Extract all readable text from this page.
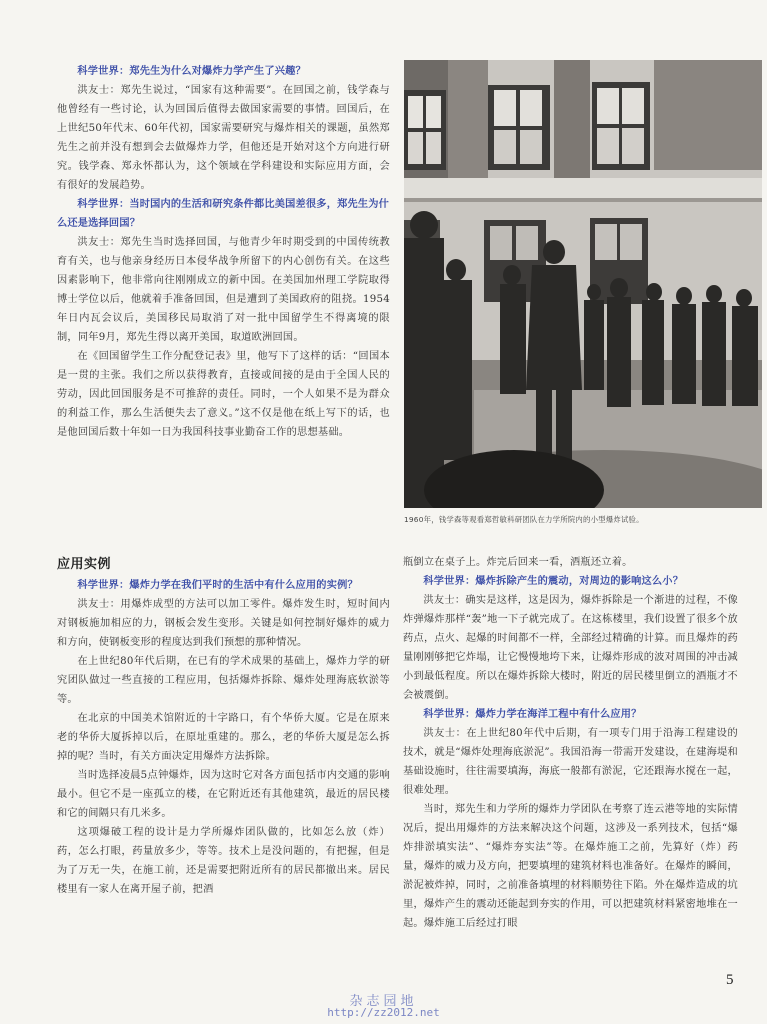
科学世界：郑先生为什么对爆炸力学产生了兴趣？

洪友士：郑先生说过，“国家有这种需要”。在回国之前，钱学森与他曾经有一些讨论，认为回国后值得去做国家需要的事情。回国后，在上世纪50年代末、60年代初，国家需要研究与爆炸相关的课题，虽然郑先生之前并没有想到会去做爆炸力学，但他还是开始对这个方向进行研究。钱学森、郑永怀都认为，这个领域在学科建设和实际应用方面，会有很好的发展趋势。

科学世界：当时国内的生活和研究条件都比美国差很多，郑先生为什么还是选择回国？

洪友士：郑先生当时选择回国，与他青少年时期受到的中国传统教育有关，也与他亲身经历日本侵华战争所留下的内心创伤有关。在这些因素影响下，他非常向往刚刚成立的新中国。在美国加州理工学院取得博士学位以后，他就着手准备回国，但是遭到了美国政府的阻挠。1954年日内瓦会议后，美国移民局取消了对一批中国留学生不得离境的限制，同年9月，郑先生得以离开美国，取道欧洲回国。

在《回国留学生工作分配登记表》里，他写下了这样的话：“回国本是一贯的主张。我们之所以获得教育，直接或间接的是由于全国人民的劳动，因此回国服务是不可推辞的责任。同时，一个人如果不是为群众的利益工作，那么生活便失去了意义。”这不仅是他在纸上写下的话，也是他回国后数十年如一日为我国科技事业勤奋工作的思想基础。

1960年，钱学森等观看郑哲敏科研团队在力学所院内的小型爆炸试验。
应用实例

科学世界：爆炸力学在我们平时的生活中有什么应用的实例？

洪友士：用爆炸成型的方法可以加工零件。爆炸发生时，短时间内对钢板施加相应的力，钢板会发生变形。关键是如何控制好爆炸的威力和方向，使钢板变形的程度达到我们预想的那种情况。

在上世纪80年代后期，在已有的学术成果的基础上，爆炸力学的研究团队做过一些直接的工程应用，包括爆炸拆除、爆炸处理海底软淤等等。

在北京的中国美术馆附近的十字路口，有个华侨大厦。它是在原来老的华侨大厦拆掉以后，在原址重建的。那么，老的华侨大厦是怎么拆掉的呢？当时，有关方面决定用爆炸方法拆除。

当时选择凌晨5点钟爆炸，因为这时它对各方面包括市内交通的影响最小。但它不是一座孤立的楼，在它附近还有其他建筑，最近的居民楼和它的间隔只有几米多。

这项爆破工程的设计是力学所爆炸团队做的，比如怎么放（炸）药，怎么打眼，药量放多少，等等。技术上是没问题的，有把握，但是为了万无一失，在施工前，还是需要把附近所有的居民都撤出来。居民楼里有一家人在离开屋子前，把酒

瓶倒立在桌子上。炸完后回来一看，酒瓶还立着。

科学世界：爆炸拆除产生的震动，对周边的影响这么小？

洪友士：确实是这样，这是因为，爆炸拆除是一个渐进的过程，不像炸弹爆炸那样“轰”地一下子就完成了。在这栋楼里，我们设置了很多个放药点，点火、起爆的时间都不一样，全部经过精确的计算。而且爆炸的药量刚刚够把它炸塌，让它慢慢地垮下来，让爆炸形成的波对周围的冲击减小到最低程度。所以在爆炸拆除大楼时，附近的居民楼里倒立的酒瓶才不会被震倒。

科学世界：爆炸力学在海洋工程中有什么应用？

洪友士：在上世纪80年代中后期，有一项专门用于沿海工程建设的技术，就是“爆炸处理海底淤泥”。我国沿海一带需开发建设，在建海堤和基础设施时，往往需要填海，海底一般都有淤泥，它还跟海水搅在一起，很难处理。

当时，郑先生和力学所的爆炸力学团队在考察了连云港等地的实际情况后，提出用爆炸的方法来解决这个问题，这涉及一系列技术，包括“爆炸排淤填实法”、“爆炸夯实法”等。在爆炸施工之前，先算好（炸）药量，爆炸的威力及方向，把要填埋的建筑材料也准备好。在爆炸的瞬间，淤泥被炸掉，同时，之前准备填埋的材料顺势往下陷。外在爆炸造成的坑里，爆炸产生的震动还能起到夯实的作用，可以把建筑材料紧密地堆在一起。爆炸施工后经过打眼

5
杂志园地
http://zz2012.net
